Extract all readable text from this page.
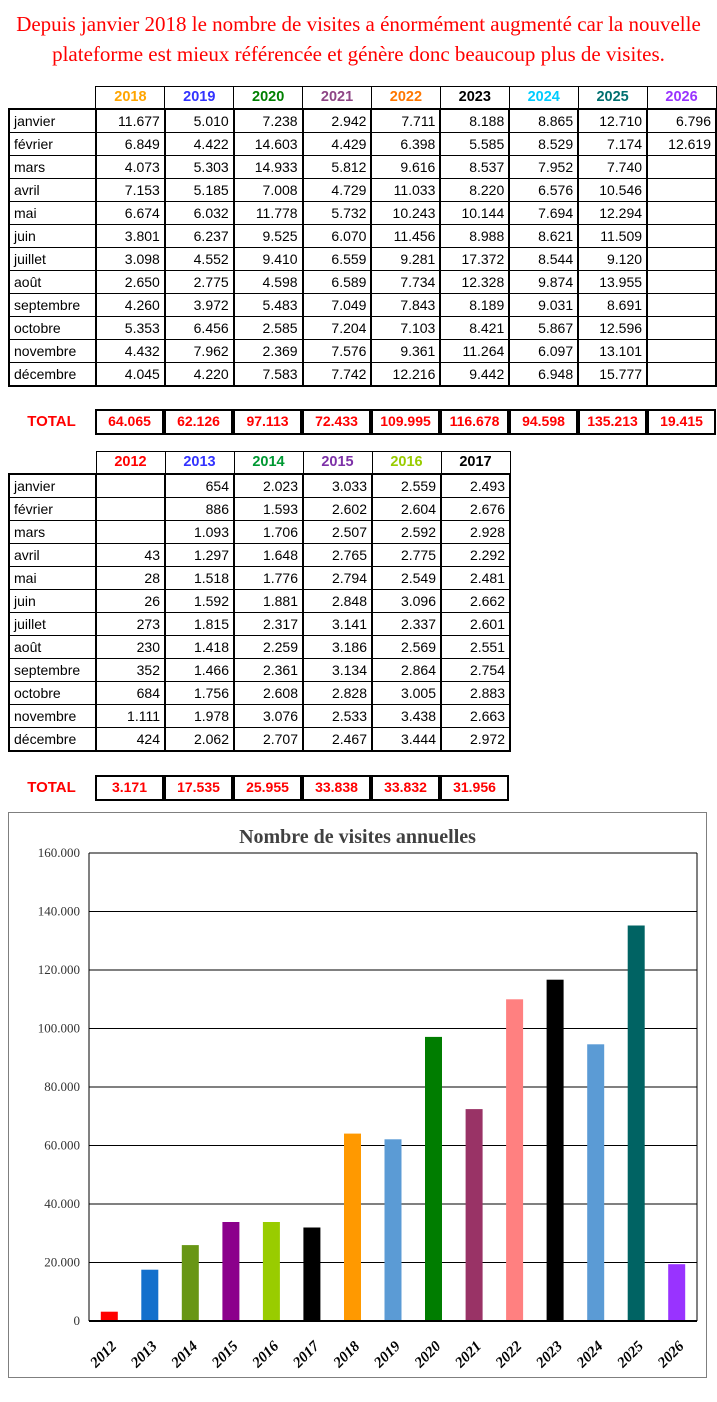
Depuis janvier 2018 le nombre de visites a énormément augmenté car la nouvelle plateforme est mieux référencée et génère donc beaucoup plus de visites.
	2018	2019	2020	2021	2022	2023	2024	2025	2026
janvier	11.677	5.010	7.238	2.942	7.711	8.188	8.865	12.710	6.796
février	6.849	4.422	14.603	4.429	6.398	5.585	8.529	7.174	12.619
mars	4.073	5.303	14.933	5.812	9.616	8.537	7.952	7.740	
avril	7.153	5.185	7.008	4.729	11.033	8.220	6.576	10.546	
mai	6.674	6.032	11.778	5.732	10.243	10.144	7.694	12.294	
juin	3.801	6.237	9.525	6.070	11.456	8.988	8.621	11.509	
juillet	3.098	4.552	9.410	6.559	9.281	17.372	8.544	9.120	
août	2.650	2.775	4.598	6.589	7.734	12.328	9.874	13.955	
septembre	4.260	3.972	5.483	7.049	7.843	8.189	9.031	8.691	
octobre	5.353	6.456	2.585	7.204	7.103	8.421	5.867	12.596	
novembre	4.432	7.962	2.369	7.576	9.361	11.264	6.097	13.101	
décembre	4.045	4.220	7.583	7.742	12.216	9.442	6.948	15.777	
TOTAL	64.065	62.126	97.113	72.433	109.995	116.678	94.598	135.213	19.415
	2012	2013	2014	2015	2016	2017
janvier		654	2.023	3.033	2.559	2.493
février		886	1.593	2.602	2.604	2.676
mars		1.093	1.706	2.507	2.592	2.928
avril	43	1.297	1.648	2.765	2.775	2.292
mai	28	1.518	1.776	2.794	2.549	2.481
juin	26	1.592	1.881	2.848	3.096	2.662
juillet	273	1.815	2.317	3.141	2.337	2.601
août	230	1.418	2.259	3.186	2.569	2.551
septembre	352	1.466	2.361	3.134	2.864	2.754
octobre	684	1.756	2.608	2.828	3.005	2.883
novembre	1.111	1.978	3.076	2.533	3.438	2.663
décembre	424	2.062	2.707	2.467	3.444	2.972
TOTAL	3.171	17.535	25.955	33.838	33.832	31.956
Nombre de visites annuelles
0
20.000
40.000
60.000
80.000
100.000
120.000
140.000
160.000
2012 2013 2014 2015 2016 2017 2018 2019 2020 2021 2022 2023 2024 2025 2026
